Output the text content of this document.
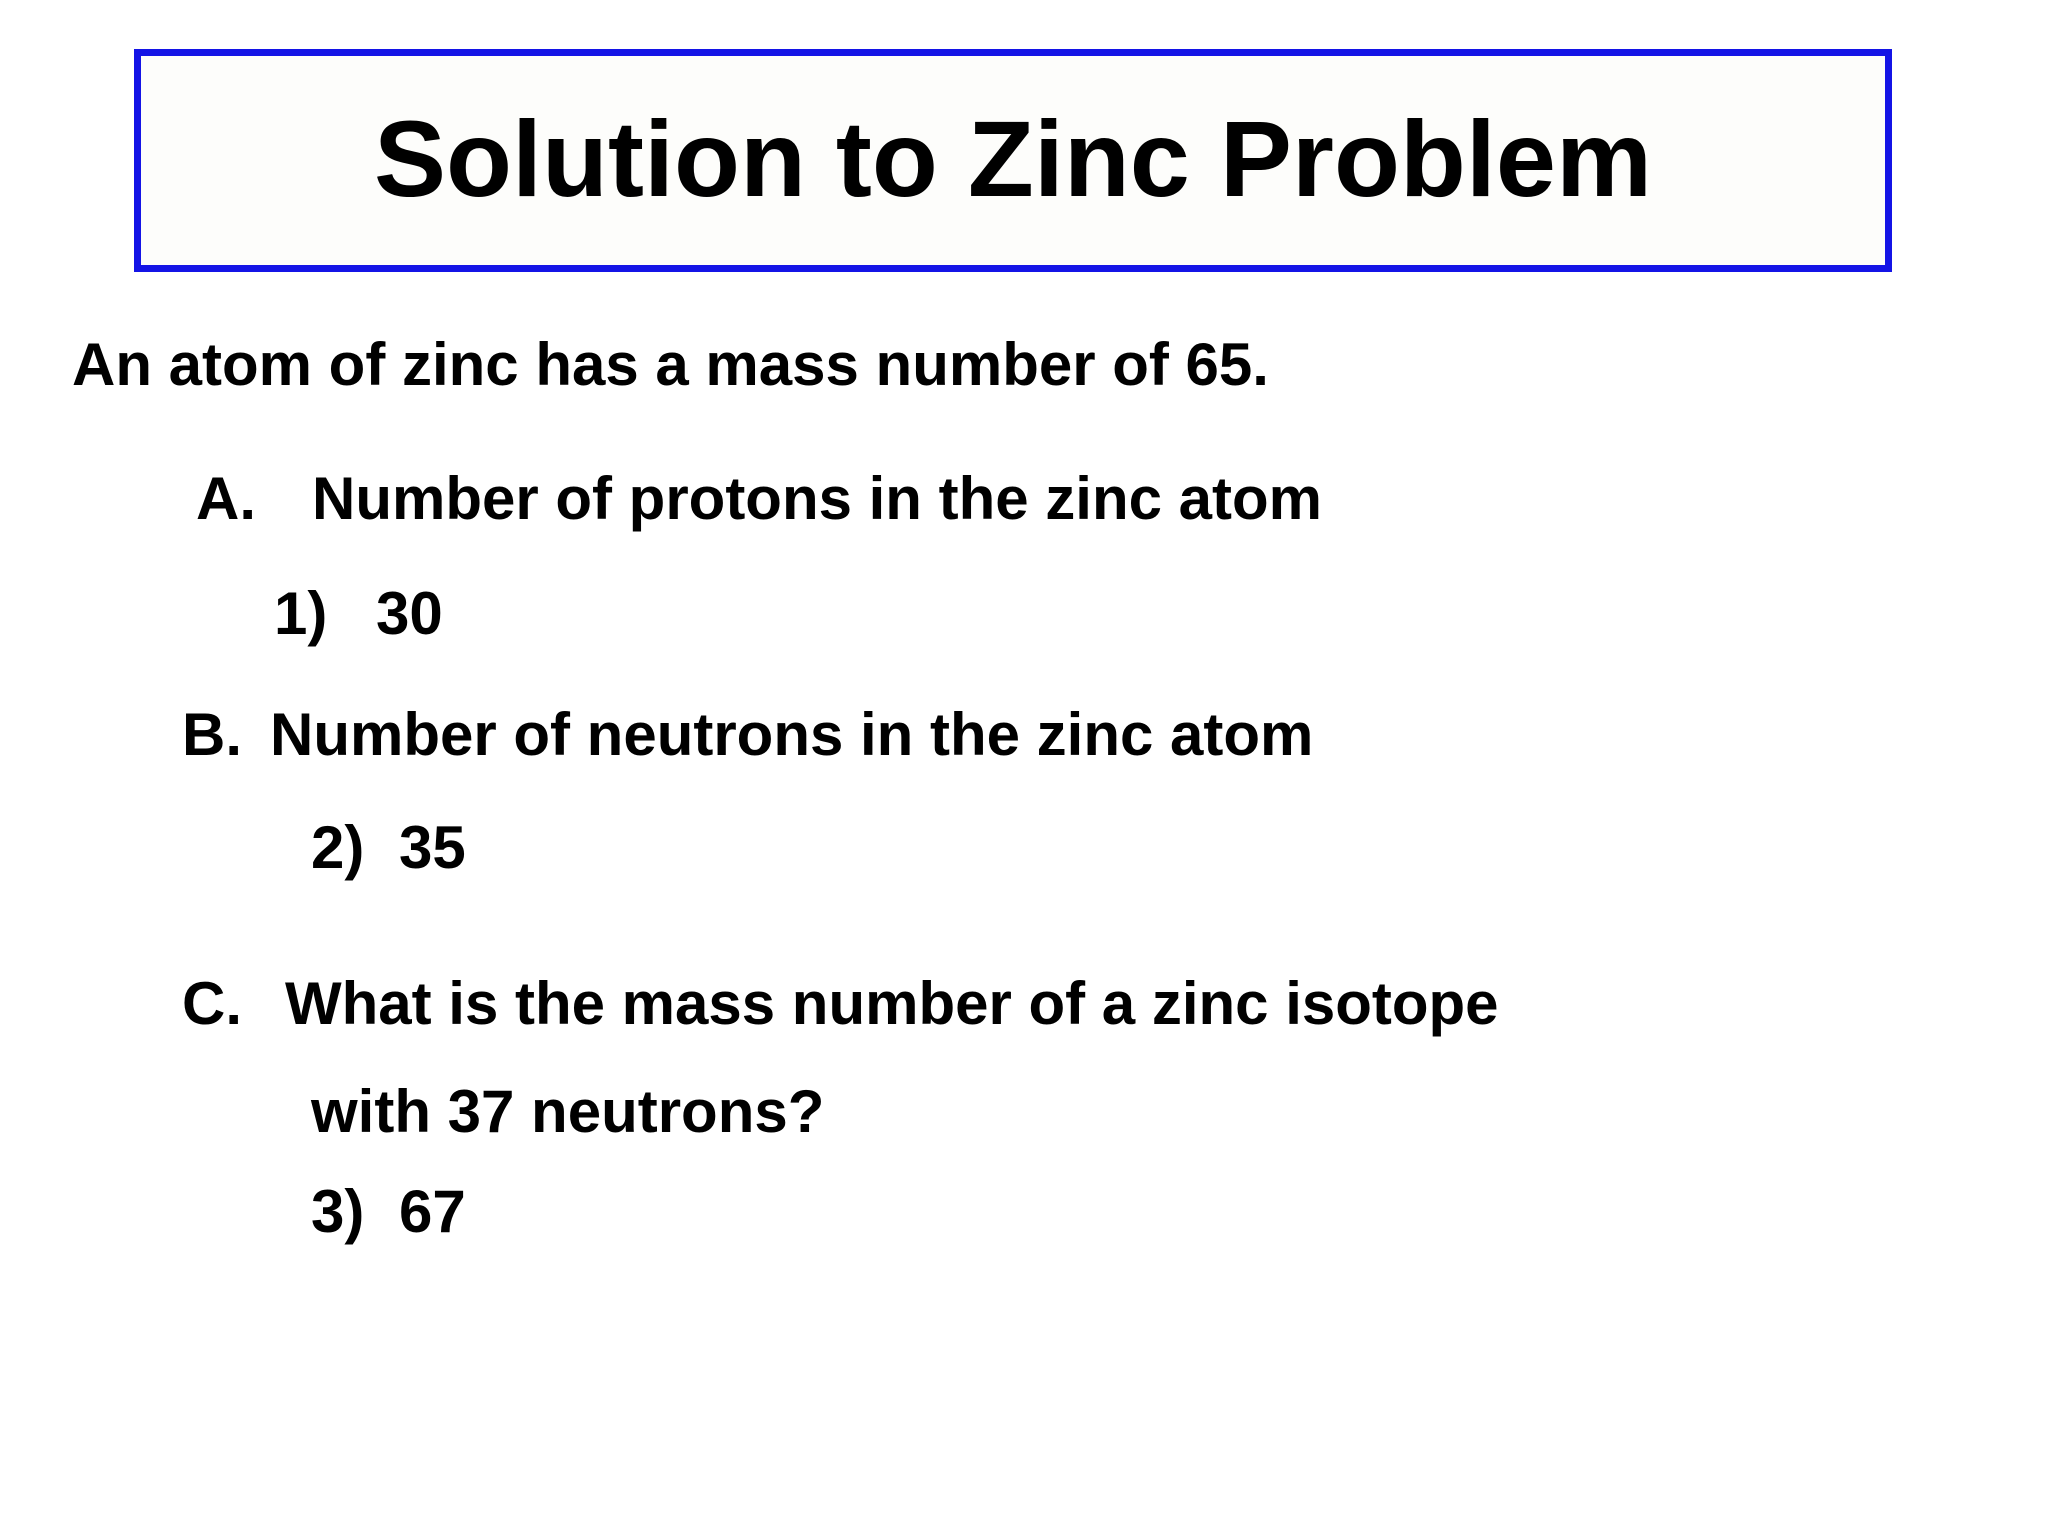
Solution to Zinc Problem
An atom of zinc has a mass number of 65.
A. Number of protons in the zinc atom
1) 30
B. Number of neutrons in the zinc atom
2) 35
C. What is the mass number of a zinc isotope
with 37 neutrons?
3) 67
